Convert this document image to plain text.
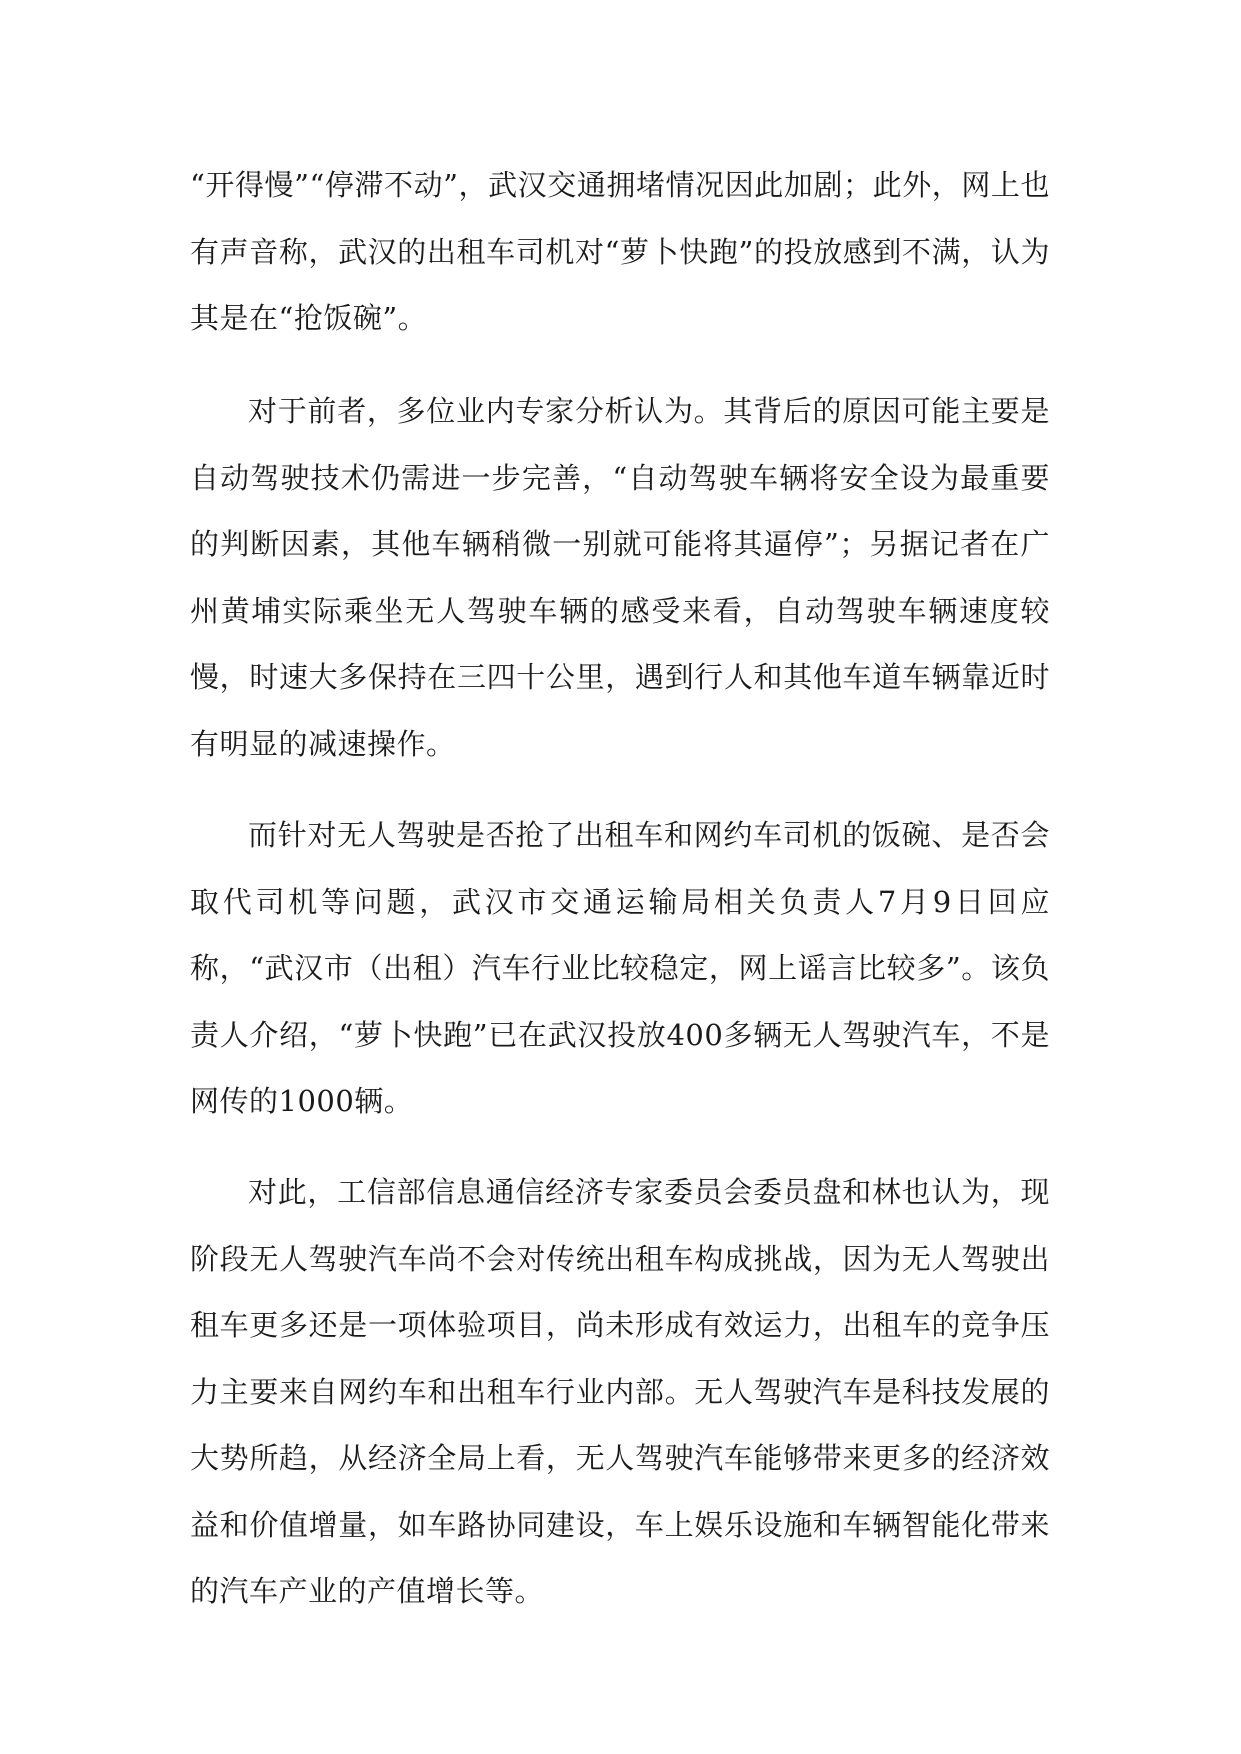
“开得慢”“停滞不动”，武汉交通拥堵情况因此加剧；此外，网上也有声音称，武汉的出租车司机对“萝卜快跑”的投放感到不满，认为其是在“抢饭碗”。

对于前者，多位业内专家分析认为。其背后的原因可能主要是自动驾驶技术仍需进一步完善，“自动驾驶车辆将安全设为最重要的判断因素，其他车辆稍微一别就可能将其逼停”；另据记者在广州黄埔实际乘坐无人驾驶车辆的感受来看，自动驾驶车辆速度较慢，时速大多保持在三四十公里，遇到行人和其他车道车辆靠近时有明显的减速操作。

而针对无人驾驶是否抢了出租车和网约车司机的饭碗、是否会取代司机等问题，武汉市交通运输局相关负责人7月9日回应称，“武汉市（出租）汽车行业比较稳定，网上谣言比较多”。该负责人介绍，“萝卜快跑”已在武汉投放400多辆无人驾驶汽车，不是网传的1000辆。

对此，工信部信息通信经济专家委员会委员盘和林也认为，现阶段无人驾驶汽车尚不会对传统出租车构成挑战，因为无人驾驶出租车更多还是一项体验项目，尚未形成有效运力，出租车的竞争压力主要来自网约车和出租车行业内部。无人驾驶汽车是科技发展的大势所趋，从经济全局上看，无人驾驶汽车能够带来更多的经济效益和价值增量，如车路协同建设，车上娱乐设施和车辆智能化带来的汽车产业的产值增长等。
